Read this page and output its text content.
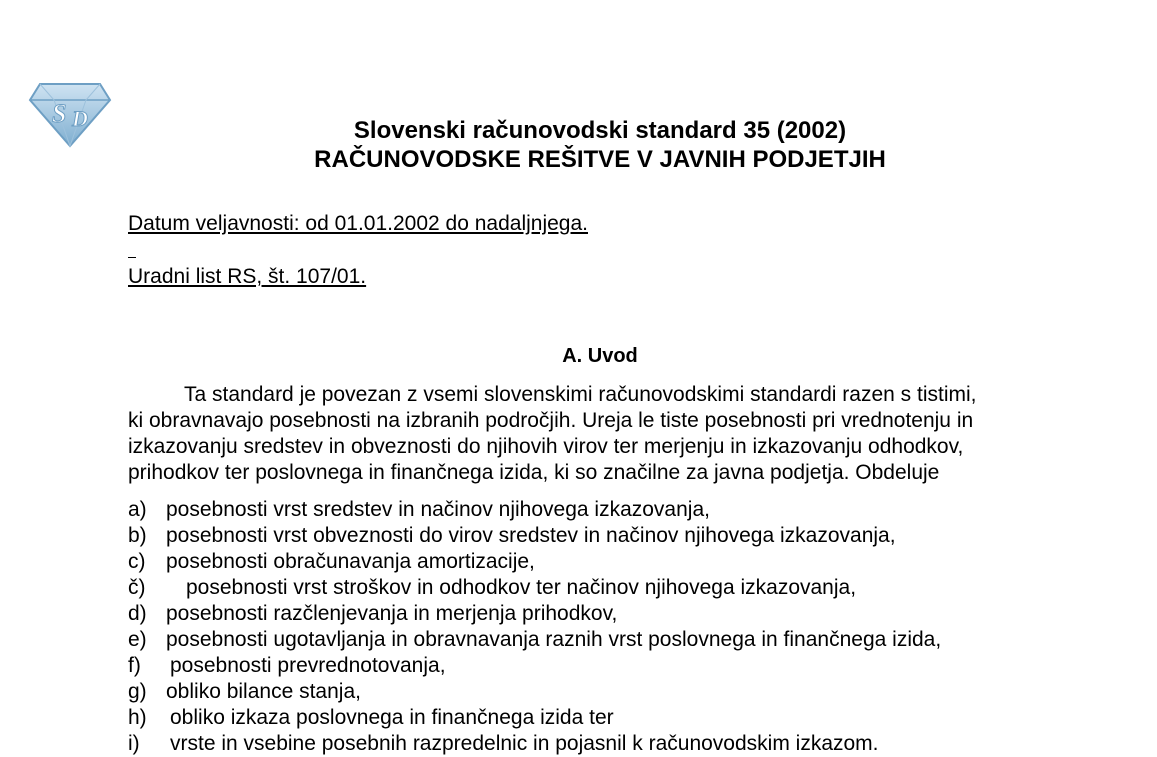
S D	Slovenski računovodski standard 35 (2002)
RAČUNOVODSKE REŠITVE V JAVNIH PODJETJIH
Datum veljavnosti: od 01.01.2002 do nadaljnjega.
Uradni list RS, št. 107/01.
A. Uvod
Ta standard je povezan z vsemi slovenskimi računovodskimi standardi razen s tistimi,
ki obravnavajo posebnosti na izbranih področjih. Ureja le tiste posebnosti pri vrednotenju in
izkazovanju sredstev in obveznosti do njihovih virov ter merjenju in izkazovanju odhodkov,
prihodkov ter poslovnega in finančnega izida, ki so značilne za javna podjetja. Obdeluje
a) posebnosti vrst sredstev in načinov njihovega izkazovanja,
b) posebnosti vrst obveznosti do virov sredstev in načinov njihovega izkazovanja,
c) posebnosti obračunavanja amortizacije,
č) posebnosti vrst stroškov in odhodkov ter načinov njihovega izkazovanja,
d) posebnosti razčlenjevanja in merjenja prihodkov,
e) posebnosti ugotavljanja in obravnavanja raznih vrst poslovnega in finančnega izida,
f) posebnosti prevrednotovanja,
g) obliko bilance stanja,
h) obliko izkaza poslovnega in finančnega izida ter
i) vrste in vsebine posebnih razpredelnic in pojasnil k računovodskim izkazom.
